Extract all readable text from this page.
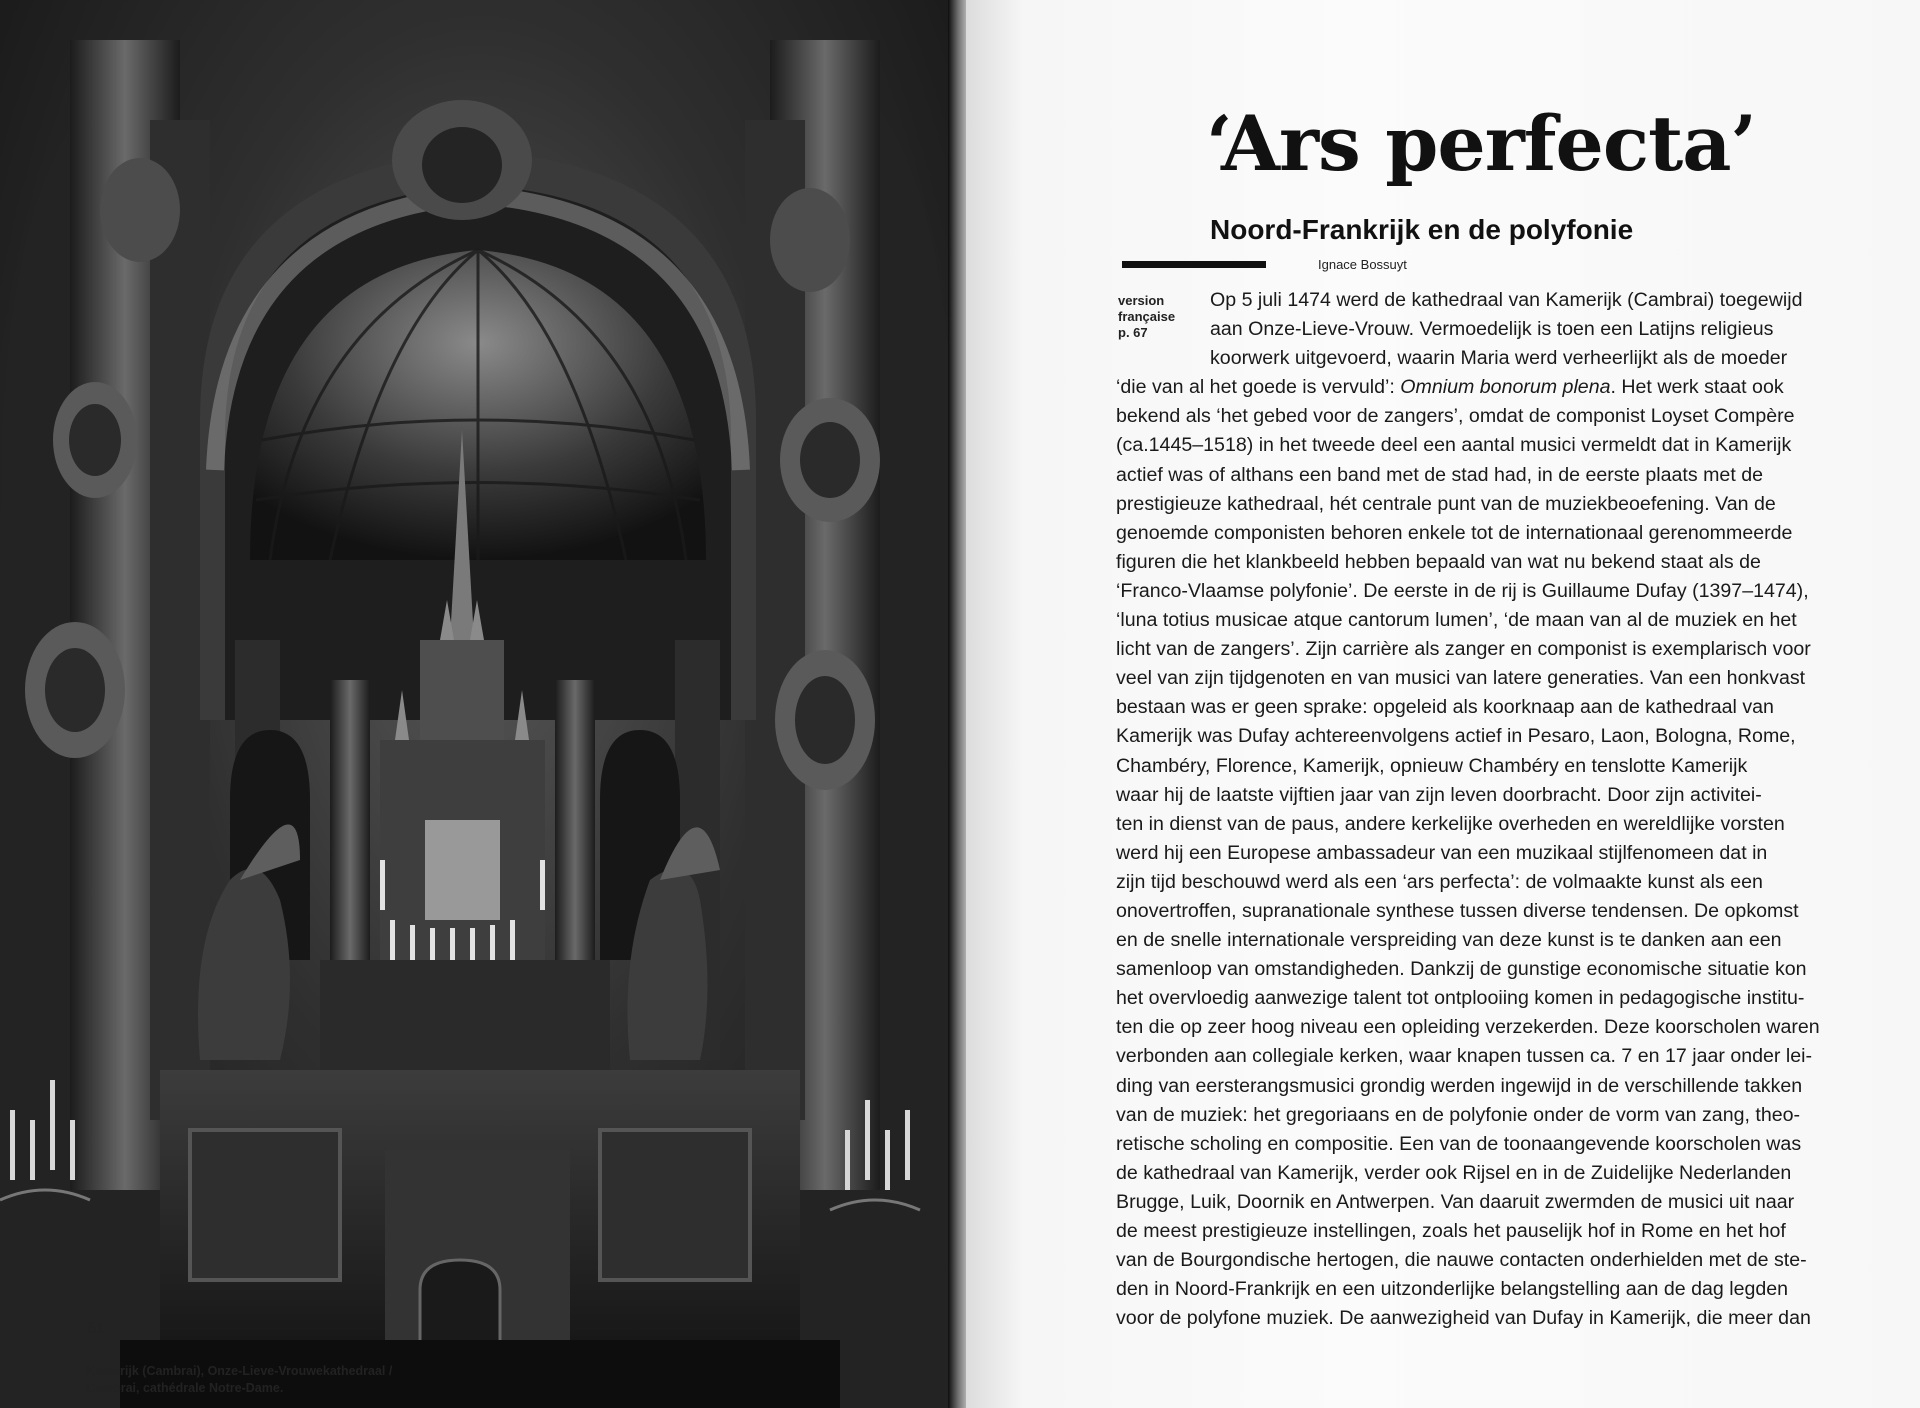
‘Ars perfecta’
Noord-Frankrijk en de polyfonie
Ignace Bossuyt
version
française
p. 67
Op 5 juli 1474 werd de kathedraal van Kamerijk (Cambrai) toegewijd
aan Onze-Lieve-Vrouw. Vermoedelijk is toen een Latijns religieus
koorwerk uitgevoerd, waarin Maria werd verheerlijkt als de moeder
‘die van al het goede is vervuld’: Omnium bonorum plena. Het werk staat ook
bekend als ‘het gebed voor de zangers’, omdat de componist Loyset Compère
(ca.1445–1518) in het tweede deel een aantal musici vermeldt dat in Kamerijk
actief was of althans een band met de stad had, in de eerste plaats met de
prestigieuze kathedraal, hét centrale punt van de muziekbeoefening. Van de
genoemde componisten behoren enkele tot de internationaal gerenommeerde
figuren die het klankbeeld hebben bepaald van wat nu bekend staat als de
‘Franco-Vlaamse polyfonie’. De eerste in de rij is Guillaume Dufay (1397–1474),
‘luna totius musicae atque cantorum lumen’, ‘de maan van al de muziek en het
licht van de zangers’. Zijn carrière als zanger en componist is exemplarisch voor
veel van zijn tijdgenoten en van musici van latere generaties. Van een honkvast
bestaan was er geen sprake: opgeleid als koorknaap aan de kathedraal van
Kamerijk was Dufay achtereenvolgens actief in Pesaro, Laon, Bologna, Rome,
Chambéry, Florence, Kamerijk, opnieuw Chambéry en tenslotte Kamerijk
waar hij de laatste vijftien jaar van zijn leven doorbracht. Door zijn activitei-
ten in dienst van de paus, andere kerkelijke overheden en wereldlijke vorsten
werd hij een Europese ambassadeur van een muzikaal stijlfenomeen dat in
zijn tijd beschouwd werd als een ‘ars perfecta’: de volmaakte kunst als een
onovertroffen, supranationale synthese tussen diverse tendensen. De opkomst
en de snelle internationale verspreiding van deze kunst is te danken aan een
samenloop van omstandigheden. Dankzij de gunstige economische situatie kon
het overvloedig aanwezige talent tot ontplooiing komen in pedagogische institu-
ten die op zeer hoog niveau een opleiding verzekerden. Deze koorscholen waren
verbonden aan collegiale kerken, waar knapen tussen ca. 7 en 17 jaar onder lei-
ding van eersterangsmusici grondig werden ingewijd in de verschillende takken
van de muziek: het gregoriaans en de polyfonie onder de vorm van zang, theo-
retische scholing en compositie. Een van de toonaangevende koorscholen was
de kathedraal van Kamerijk, verder ook Rijsel en in de Zuidelijke Nederlanden
Brugge, Luik, Doornik en Antwerpen. Van daaruit zwermden de musici uit naar
de meest prestigieuze instellingen, zoals het pauselijk hof in Rome en het hof
van de Bourgondische hertogen, die nauwe contacten onderhielden met de ste-
den in Noord-Frankrijk en een uitzonderlijke belangstelling aan de dag legden
voor de polyfone muziek. De aanwezigheid van Dufay in Kamerijk, die meer dan
61
Kamerijk (Cambrai), Onze-Lieve-Vrouwekathedraal /
Cambrai, cathédrale Notre-Dame.
